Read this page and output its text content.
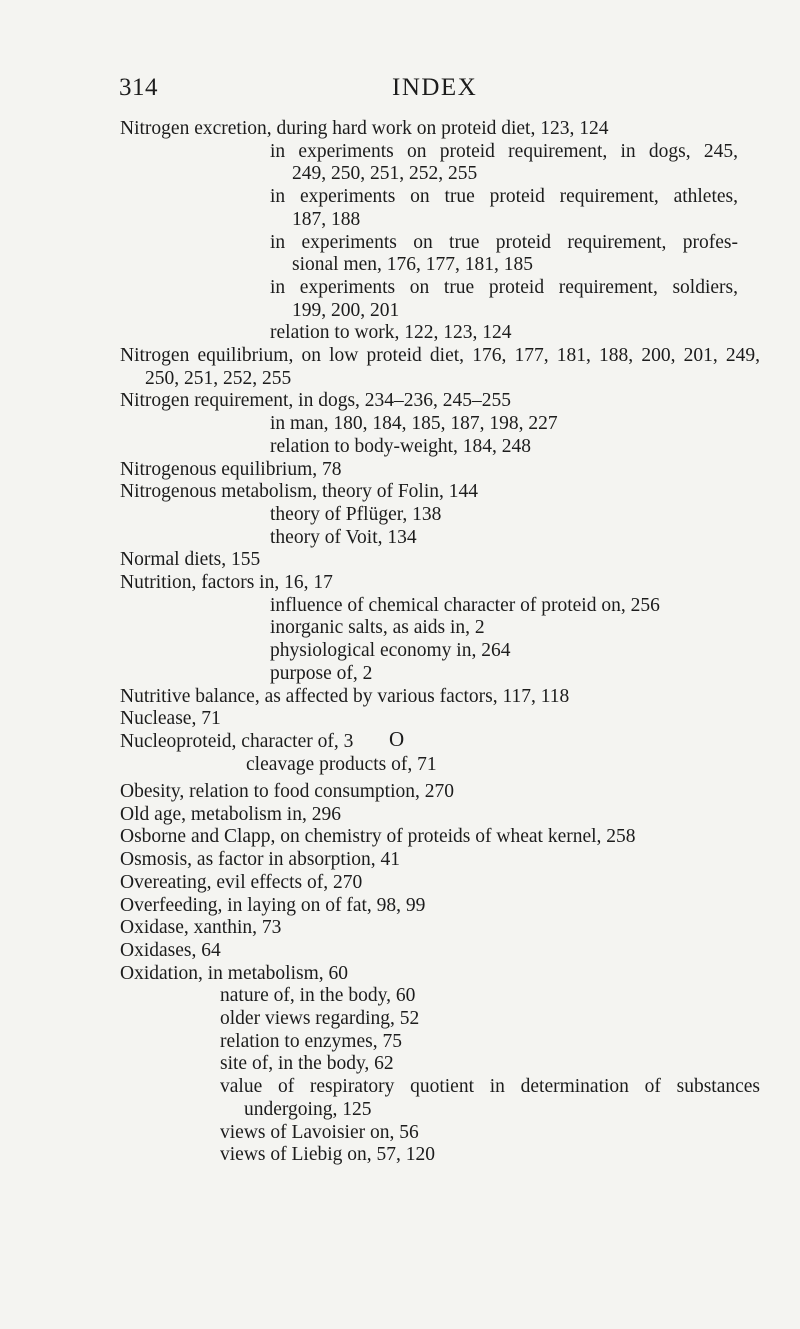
314	INDEX

Nitrogen excretion, during hard work on proteid diet, 123, 124

in experiments on proteid requirement, in dogs, 245,

249, 250, 251, 252, 255

in experiments on true proteid requirement, athletes,

187, 188

in experiments on true proteid requirement, profes-

sional men, 176, 177, 181, 185

in experiments on true proteid requirement, soldiers,

199, 200, 201

relation to work, 122, 123, 124

Nitrogen equilibrium, on low proteid diet, 176, 177, 181, 188, 200, 201, 249,

250, 251, 252, 255

Nitrogen requirement, in dogs, 234–236, 245–255

in man, 180, 184, 185, 187, 198, 227

relation to body-weight, 184, 248

Nitrogenous equilibrium, 78

Nitrogenous metabolism, theory of Folin, 144

theory of Pflüger, 138

theory of Voit, 134

Normal diets, 155

Nutrition, factors in, 16, 17

influence of chemical character of proteid on, 256

inorganic salts, as aids in, 2

physiological economy in, 264

purpose of, 2

Nutritive balance, as affected by various factors, 117, 118

Nuclease, 71

Nucleoproteid, character of, 3

cleavage products of, 71

O

Obesity, relation to food consumption, 270

Old age, metabolism in, 296

Osborne and Clapp, on chemistry of proteids of wheat kernel, 258

Osmosis, as factor in absorption, 41

Overeating, evil effects of, 270

Overfeeding, in laying on of fat, 98, 99

Oxidase, xanthin, 73

Oxidases, 64

Oxidation, in metabolism, 60

nature of, in the body, 60

older views regarding, 52

relation to enzymes, 75

site of, in the body, 62

value of respiratory quotient in determination of substances

undergoing, 125

views of Lavoisier on, 56

views of Liebig on, 57, 120
